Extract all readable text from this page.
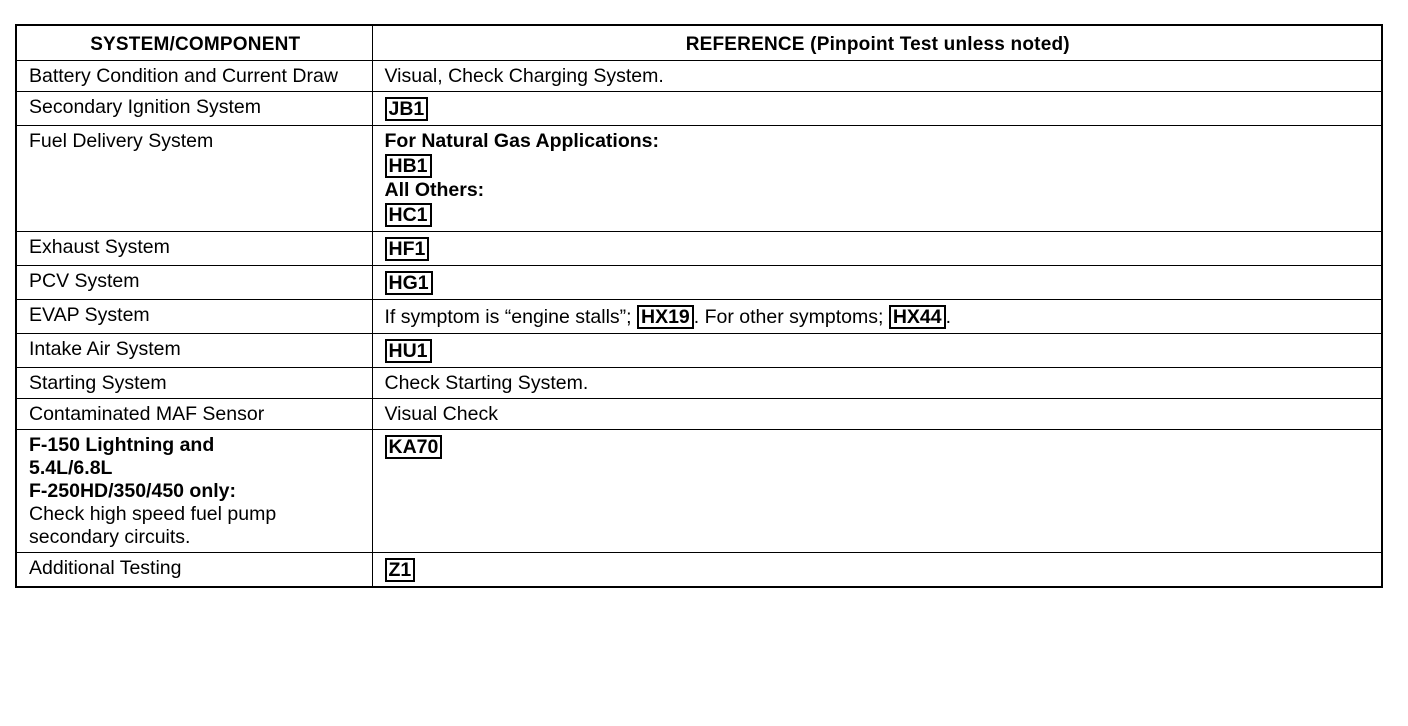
SYSTEM/COMPONENT	REFERENCE (Pinpoint Test unless noted)
Battery Condition and Current Draw	Visual, Check Charging System.
Secondary Ignition System	JB1
Fuel Delivery System	For Natural Gas Applications:
HB1
All Others:
HC1

Exhaust System	HF1
PCV System	HG1
EVAP System	If symptom is “engine stalls”; HX19 . For other symptoms; HX44 .
Intake Air System	HU1
Starting System	Check Starting System.
Contaminated MAF Sensor	Visual Check

F-150 Lightning and
5.4L/6.8L
F-250HD/350/450 only:
Check high speed fuel pump secondary circuits.	KA70
Additional Testing	Z1
